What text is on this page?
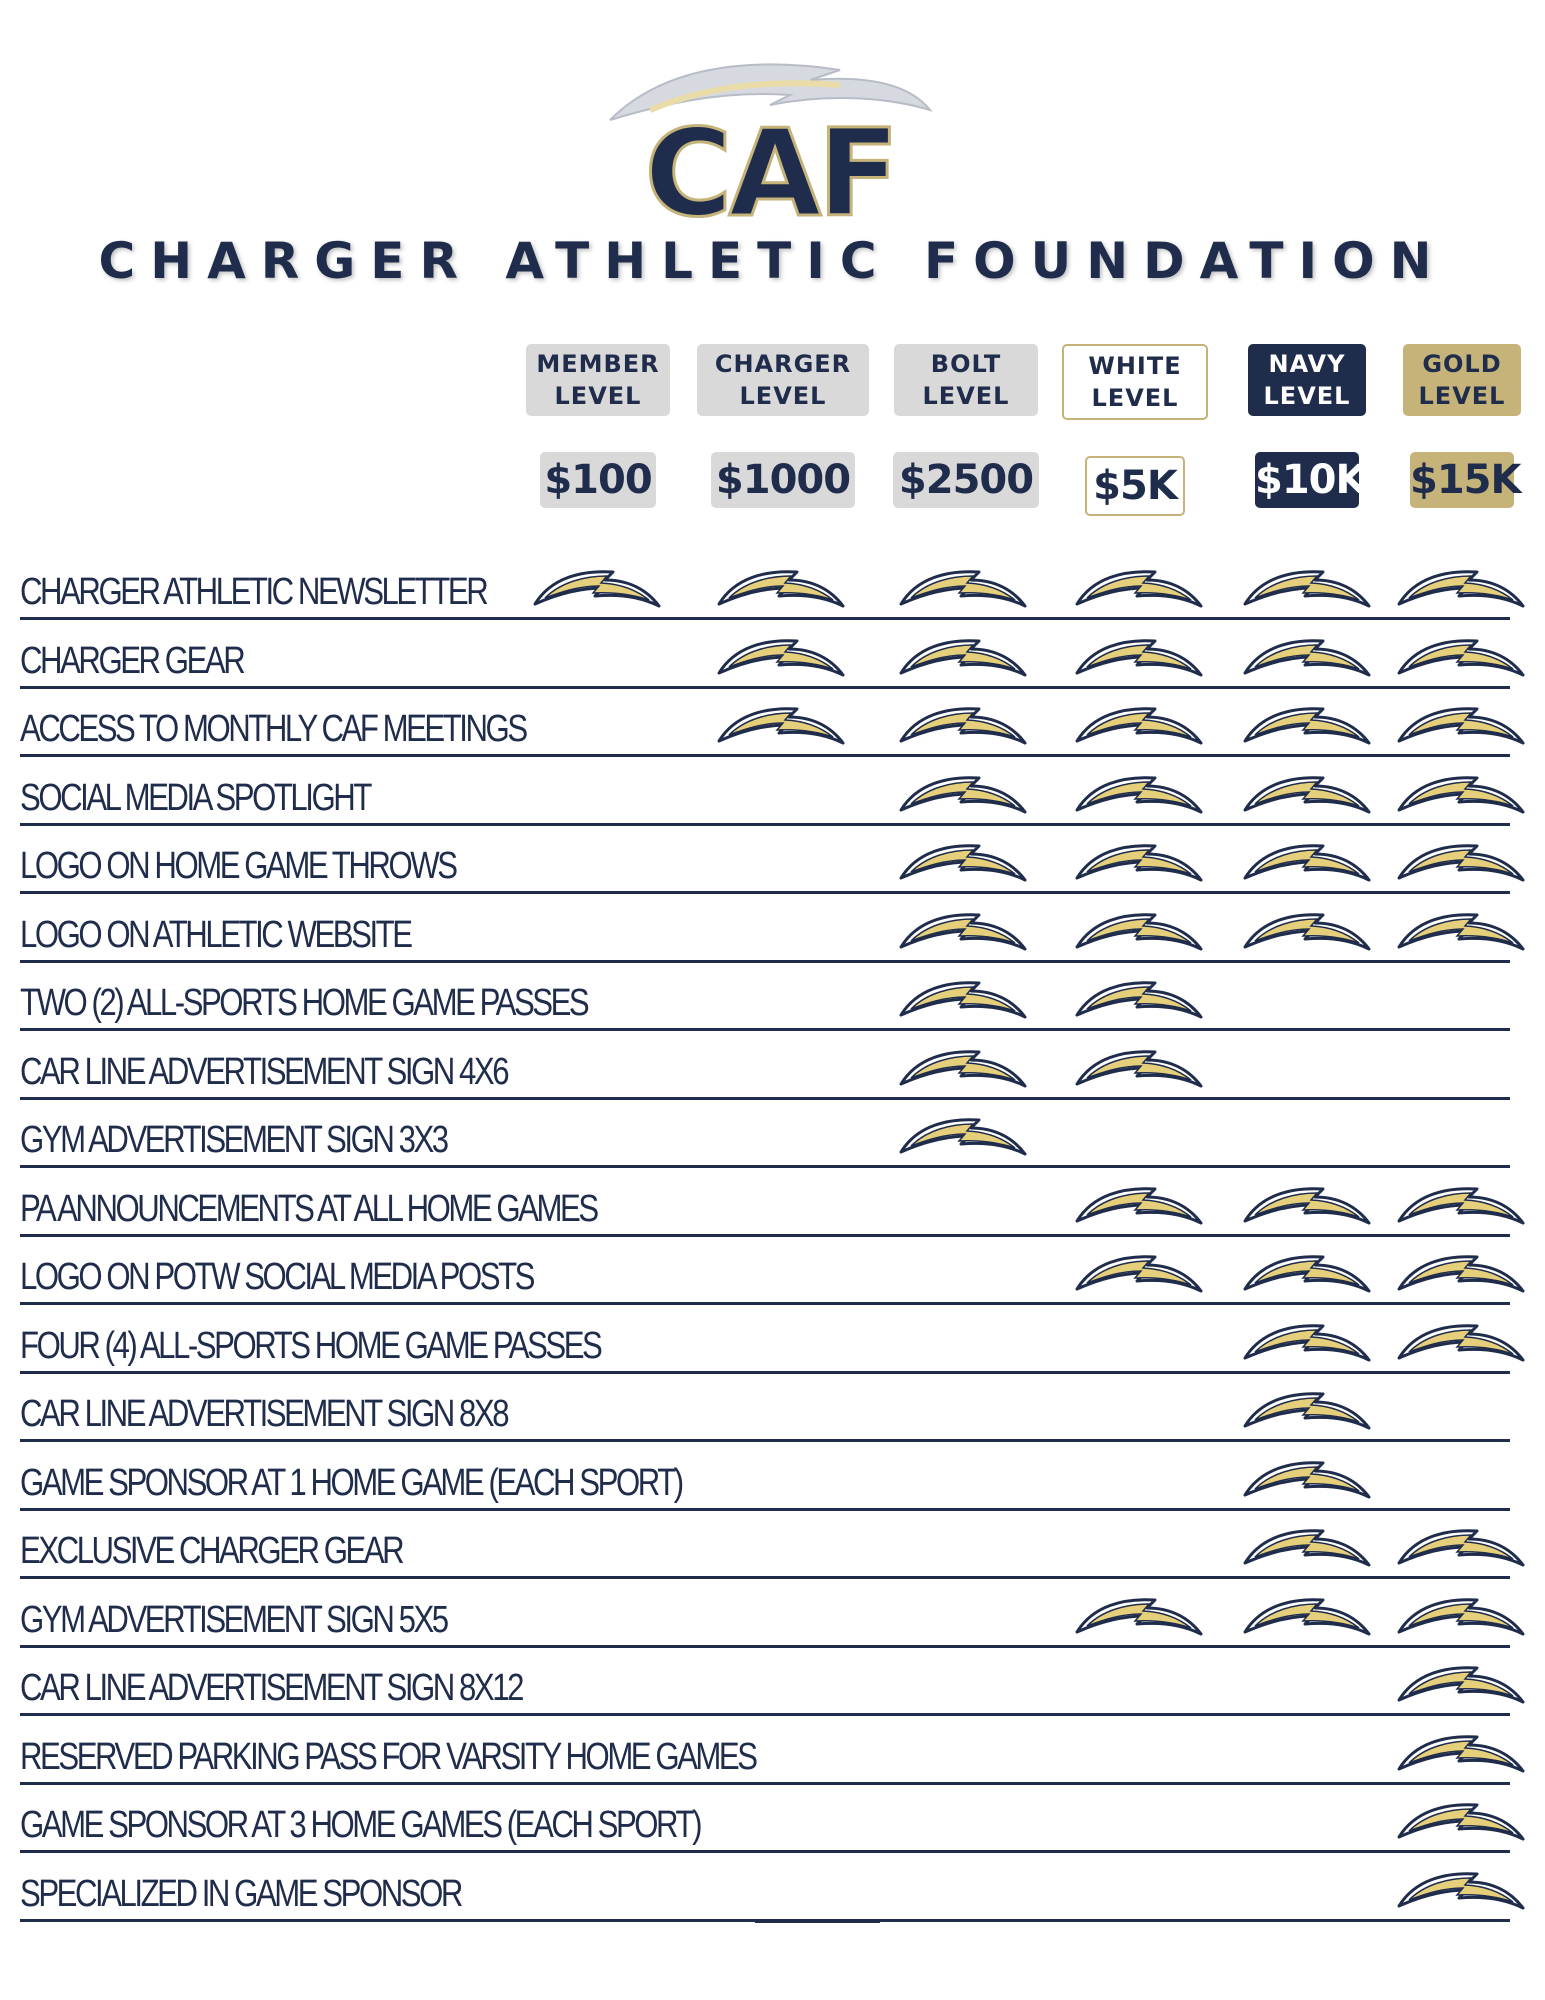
CAF
CHARGER ATHLETIC FOUNDATION
MEMBER
LEVEL
$100
CHARGER
LEVEL
$1000
BOLT
LEVEL
$2500
WHITE
LEVEL
$5K
NAVY
LEVEL
$10K
GOLD
LEVEL
$15K
CHARGER ATHLETIC NEWSLETTER
CHARGER GEAR
ACCESS TO MONTHLY CAF MEETINGS
SOCIAL MEDIA SPOTLIGHT
LOGO ON HOME GAME THROWS
LOGO ON ATHLETIC WEBSITE
TWO (2) ALL-SPORTS HOME GAME PASSES
CAR LINE ADVERTISEMENT SIGN 4X6
GYM ADVERTISEMENT SIGN 3X3
PA ANNOUNCEMENTS AT ALL HOME GAMES
LOGO ON POTW SOCIAL MEDIA POSTS
FOUR (4) ALL-SPORTS HOME GAME PASSES
CAR LINE ADVERTISEMENT SIGN 8X8
GAME SPONSOR AT 1 HOME GAME (EACH SPORT)
EXCLUSIVE CHARGER GEAR
GYM ADVERTISEMENT SIGN 5X5
CAR LINE ADVERTISEMENT SIGN 8X12
RESERVED PARKING PASS FOR VARSITY HOME GAMES
GAME SPONSOR AT 3 HOME GAMES (EACH SPORT)
SPECIALIZED IN GAME SPONSOR
